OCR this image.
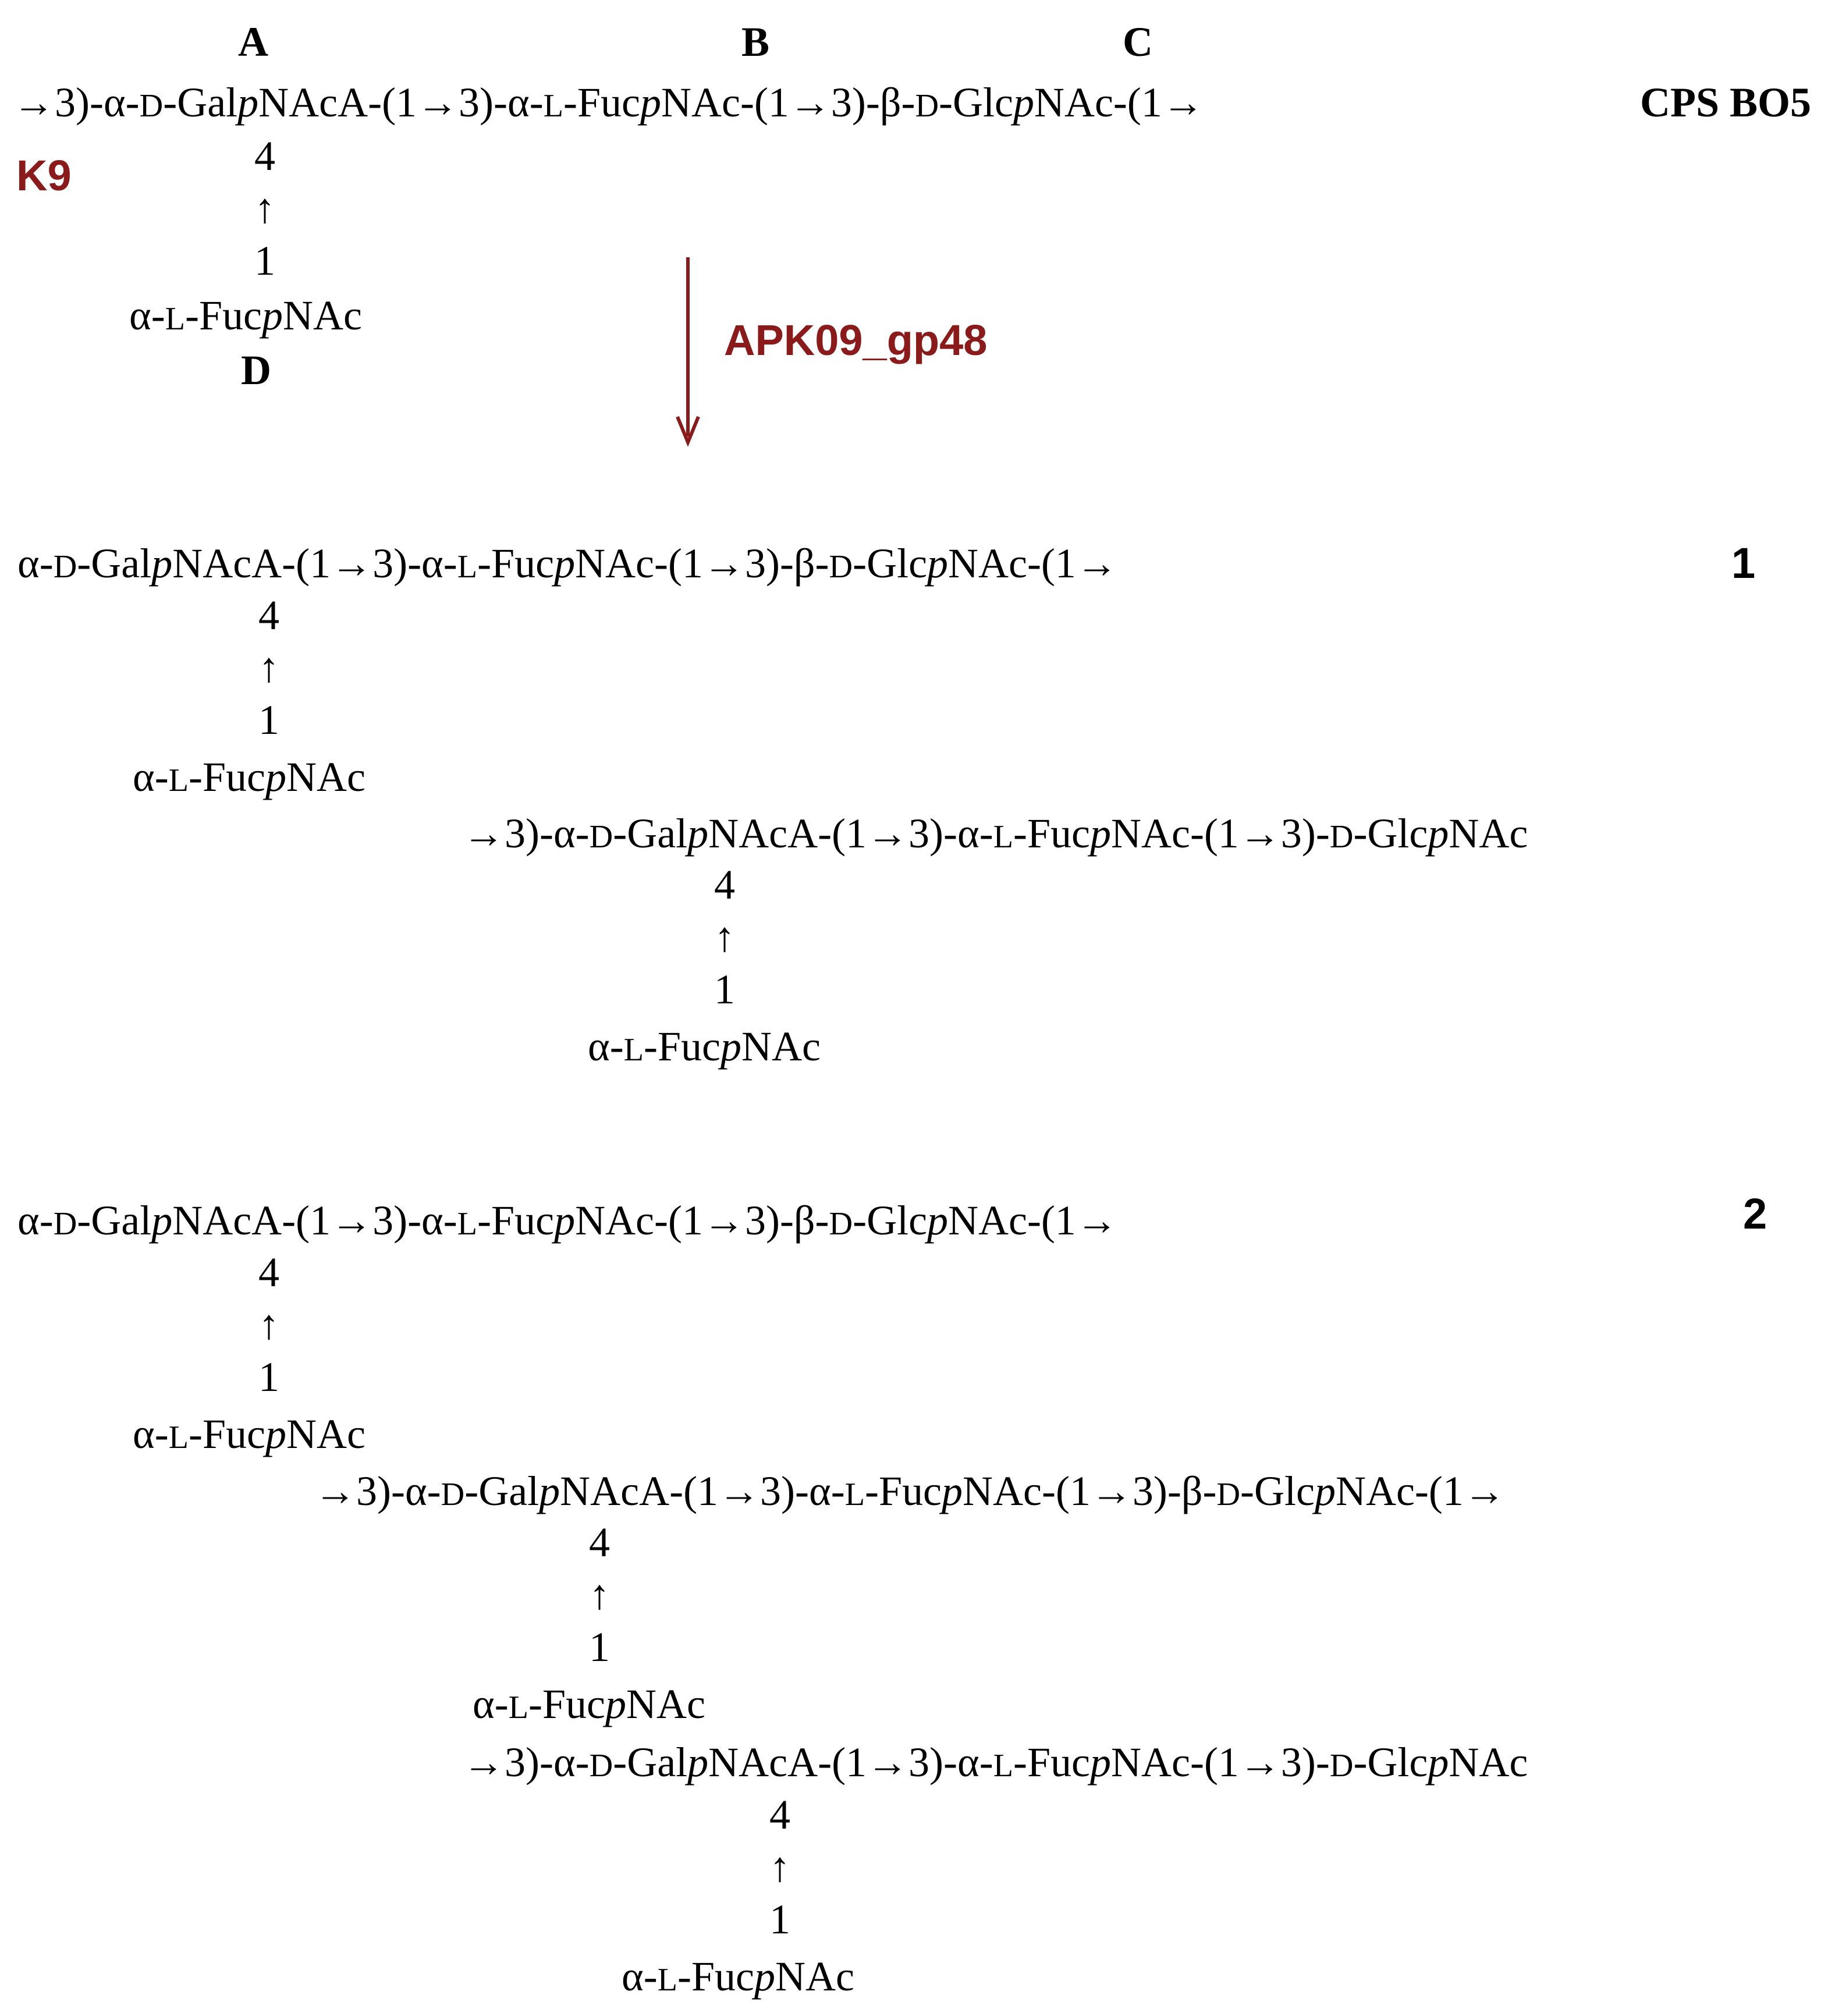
A	B	C
→3)-α-D-GalpNAcA-(1→3)-α-L-FucpNAc-(1→3)-β-D-GlcpNAc-(1→	CPS BO5
K9	4
↑
1
α-L-FucpNAc
D
APK09_gp48
α-D-GalpNAcA-(1→3)-α-L-FucpNAc-(1→3)-β-D-GlcpNAc-(1→	1
4
↑
1
α-L-FucpNAc
→3)-α-D-GalpNAcA-(1→3)-α-L-FucpNAc-(1→3)-D-GlcpNAc
4
↑
1
α-L-FucpNAc
α-D-GalpNAcA-(1→3)-α-L-FucpNAc-(1→3)-β-D-GlcpNAc-(1→	2
4
↑
1
α-L-FucpNAc
→3)-α-D-GalpNAcA-(1→3)-α-L-FucpNAc-(1→3)-β-D-GlcpNAc-(1→
4
↑
1
α-L-FucpNAc
→3)-α-D-GalpNAcA-(1→3)-α-L-FucpNAc-(1→3)-D-GlcpNAc
4
↑
1
α-L-FucpNAc
